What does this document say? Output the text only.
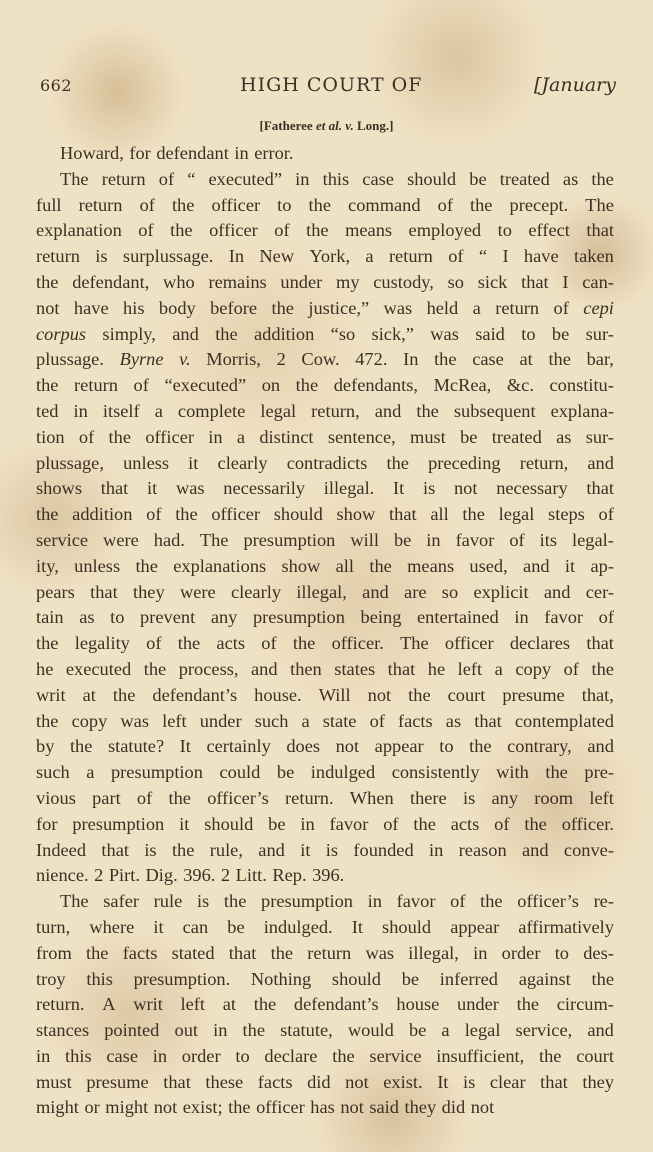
662	HIGH COURT OF	[January
[Fatheree et al. v. Long.]
Howard, for defendant in error.
The return of “ executed” in this case should be treated as the
full return of the officer to the command of the precept. The
explanation of the officer of the means employed to effect that
return is surplussage. In New York, a return of “ I have taken
the defendant, who remains under my custody, so sick that I can-
not have his body before the justice,” was held a return of cepi
corpus simply, and the addition “so sick,” was said to be sur-
plussage. Byrne v. Morris, 2 Cow. 472. In the case at the bar,
the return of “executed” on the defendants, McRea, &c. constitu-
ted in itself a complete legal return, and the subsequent explana-
tion of the officer in a distinct sentence, must be treated as sur-
plussage, unless it clearly contradicts the preceding return, and
shows that it was necessarily illegal. It is not necessary that
the addition of the officer should show that all the legal steps of
service were had. The presumption will be in favor of its legal-
ity, unless the explanations show all the means used, and it ap-
pears that they were clearly illegal, and are so explicit and cer-
tain as to prevent any presumption being entertained in favor of
the legality of the acts of the officer. The officer declares that
he executed the process, and then states that he left a copy of the
writ at the defendant’s house. Will not the court presume that,
the copy was left under such a state of facts as that contemplated
by the statute? It certainly does not appear to the contrary, and
such a presumption could be indulged consistently with the pre-
vious part of the officer’s return. When there is any room left
for presumption it should be in favor of the acts of the officer.
Indeed that is the rule, and it is founded in reason and conve-
nience. 2 Pirt. Dig. 396. 2 Litt. Rep. 396.
The safer rule is the presumption in favor of the officer’s re-
turn, where it can be indulged. It should appear affirmatively
from the facts stated that the return was illegal, in order to des-
troy this presumption. Nothing should be inferred against the
return. A writ left at the defendant’s house under the circum-
stances pointed out in the statute, would be a legal service, and
in this case in order to declare the service insufficient, the court
must presume that these facts did not exist. It is clear that they
might or might not exist; the officer has not said they did not
